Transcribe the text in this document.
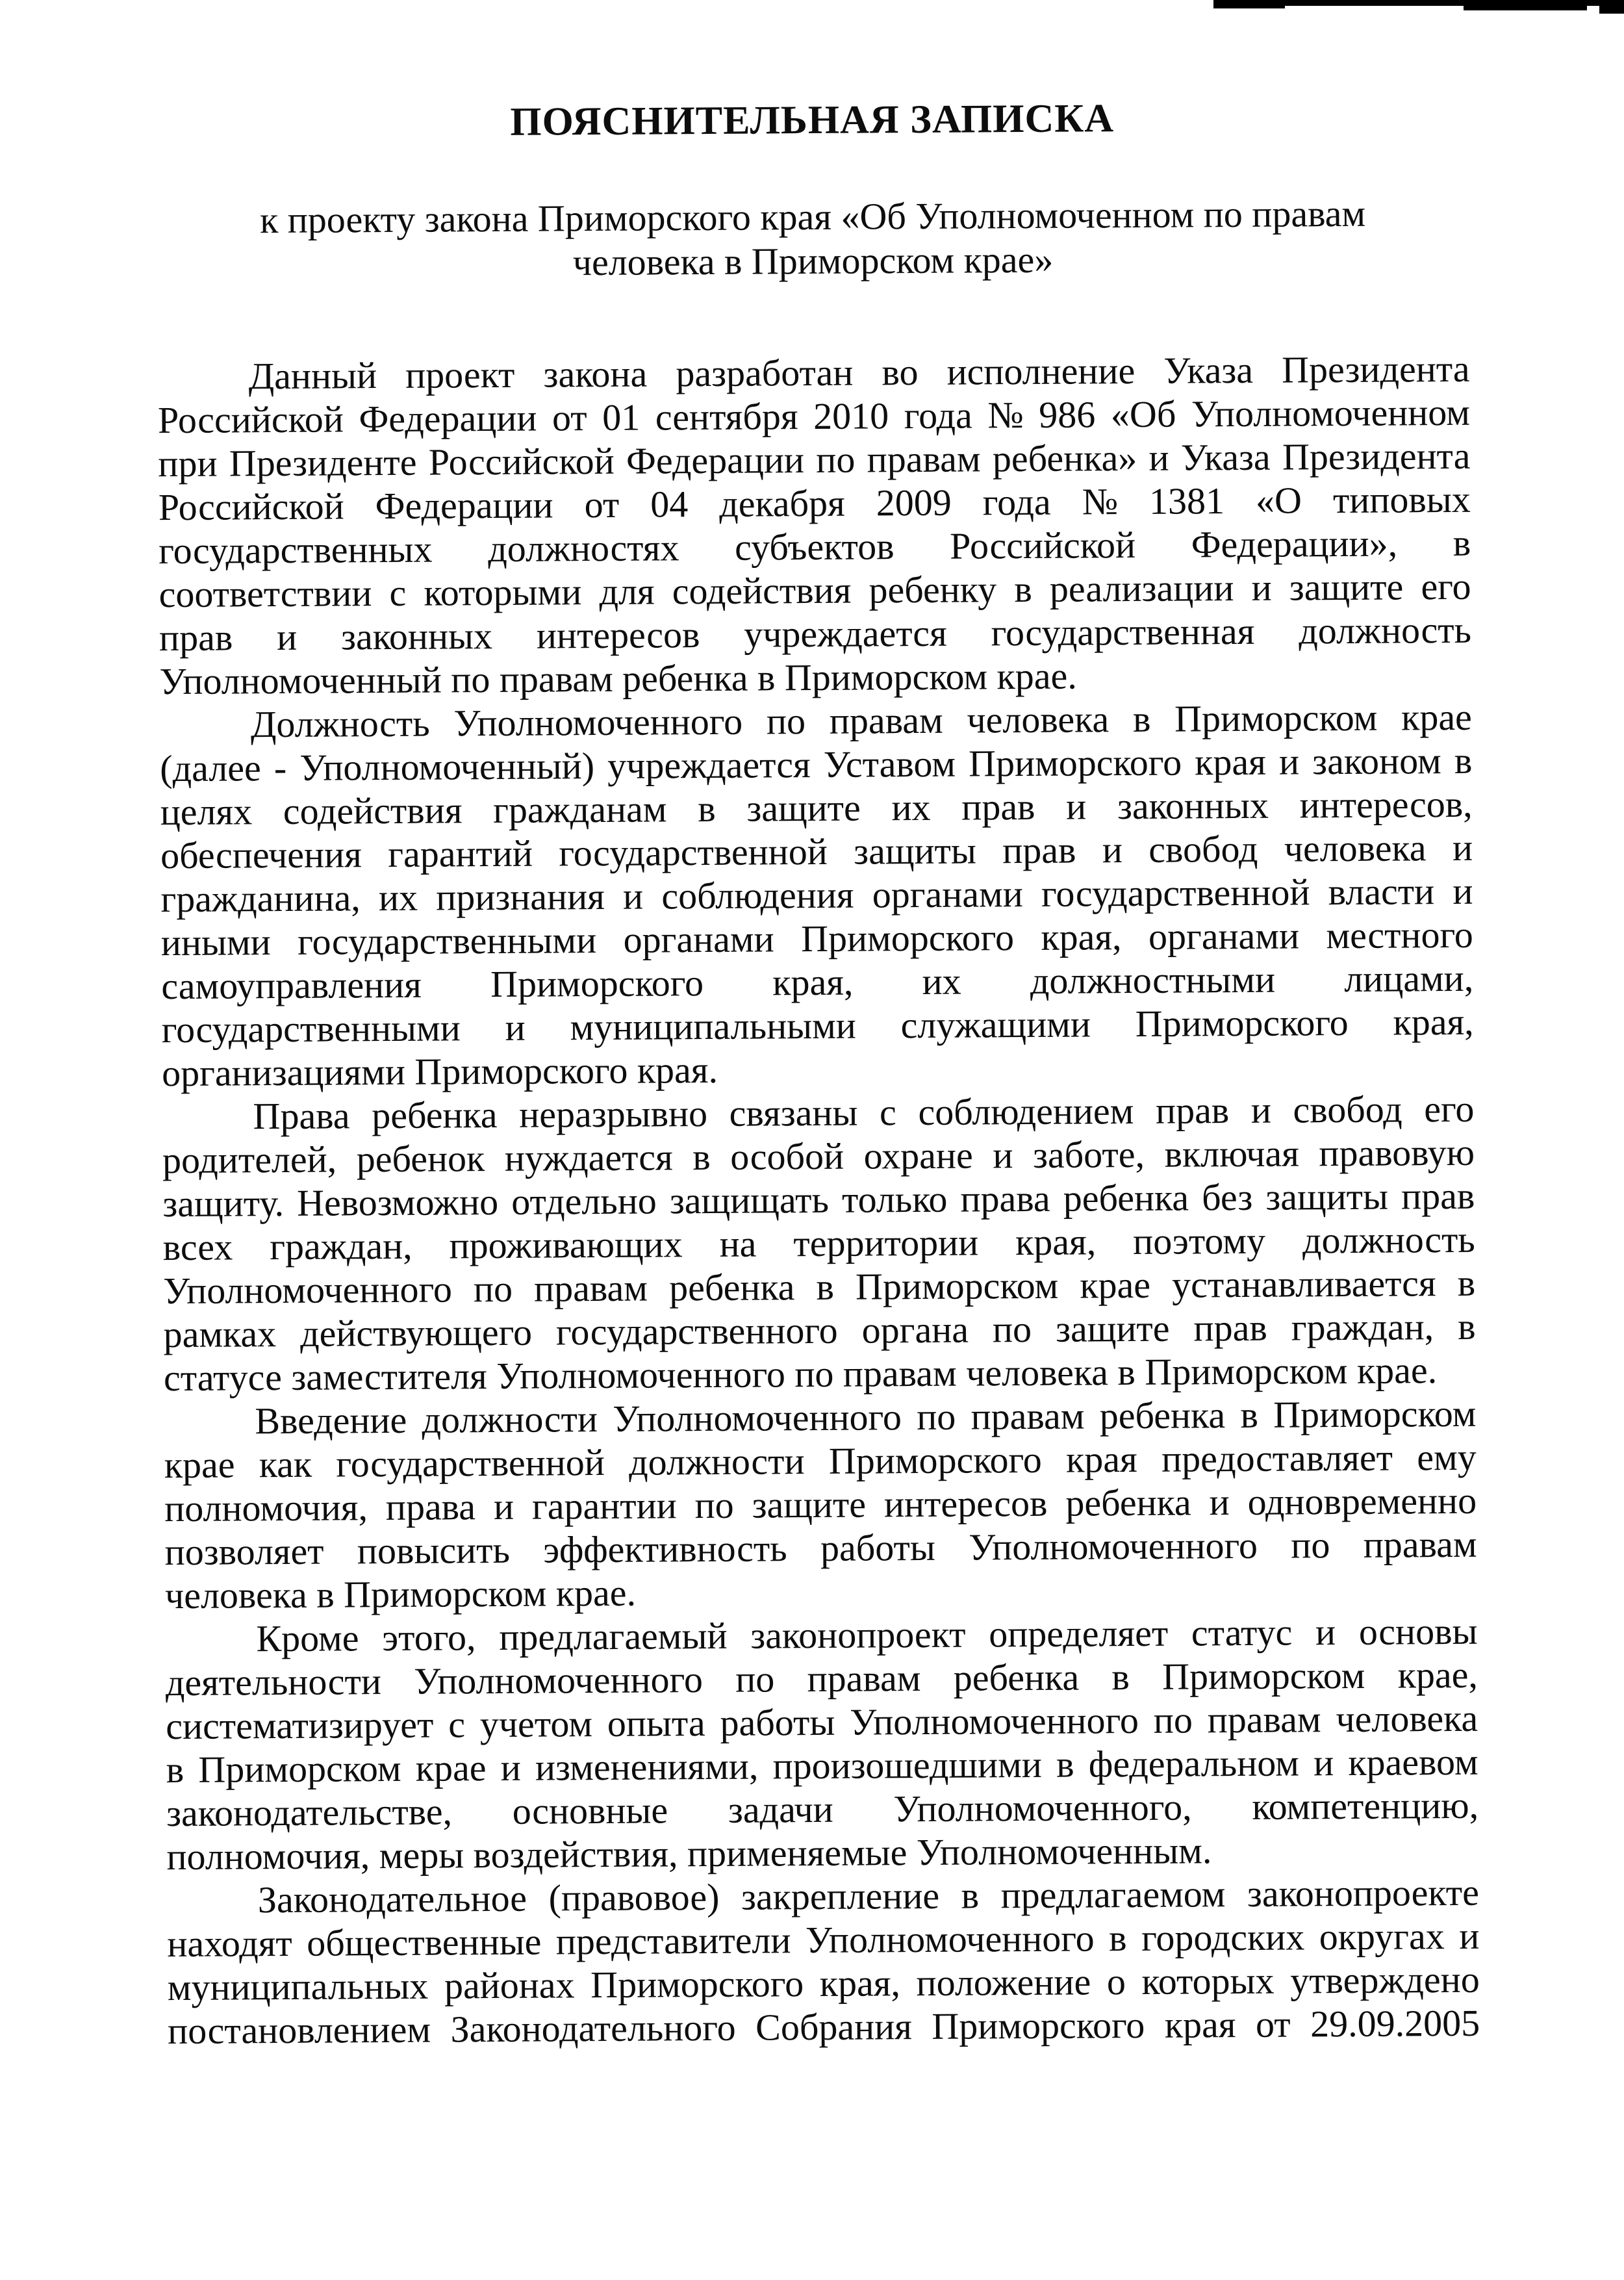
ПОЯСНИТЕЛЬНАЯ ЗАПИСКА
к проекту закона Приморского края «Об Уполномоченном по правам
человека в Приморском крае»
Данный проект закона разработан во исполнение Указа Президента
Российской Федерации от 01 сентября 2010 года № 986 «Об Уполномоченном
при Президенте Российской Федерации по правам ребенка» и Указа Президента
Российской Федерации от 04 декабря 2009 года № 1381 «О типовых
государственных должностях субъектов Российской Федерации», в
соответствии с которыми для содействия ребенку в реализации и защите его
прав и законных интересов учреждается государственная должность
Уполномоченный по правам ребенка в Приморском крае.
Должность Уполномоченного по правам человека в Приморском крае
(далее - Уполномоченный) учреждается Уставом Приморского края и законом в
целях содействия гражданам в защите их прав и законных интересов,
обеспечения гарантий государственной защиты прав и свобод человека и
гражданина, их признания и соблюдения органами государственной власти и
иными государственными органами Приморского края, органами местного
самоуправления Приморского края, их должностными лицами,
государственными и муниципальными служащими Приморского края,
организациями Приморского края.
Права ребенка неразрывно связаны с соблюдением прав и свобод его
родителей, ребенок нуждается в особой охране и заботе, включая правовую
защиту. Невозможно отдельно защищать только права ребенка без защиты прав
всех граждан, проживающих на территории края, поэтому должность
Уполномоченного по правам ребенка в Приморском крае устанавливается в
рамках действующего государственного органа по защите прав граждан, в
статусе заместителя Уполномоченного по правам человека в Приморском крае.
Введение должности Уполномоченного по правам ребенка в Приморском
крае как государственной должности Приморского края предоставляет ему
полномочия, права и гарантии по защите интересов ребенка и одновременно
позволяет повысить эффективность работы Уполномоченного по правам
человека в Приморском крае.
Кроме этого, предлагаемый законопроект определяет статус и основы
деятельности Уполномоченного по правам ребенка в Приморском крае,
систематизирует с учетом опыта работы Уполномоченного по правам человека
в Приморском крае и изменениями, произошедшими в федеральном и краевом
законодательстве, основные задачи Уполномоченного, компетенцию,
полномочия, меры воздействия, применяемые Уполномоченным.
Законодательное (правовое) закрепление в предлагаемом законопроекте
находят общественные представители Уполномоченного в городских округах и
муниципальных районах Приморского края, положение о которых утверждено
постановлением Законодательного Собрания Приморского края от 29.09.2005
